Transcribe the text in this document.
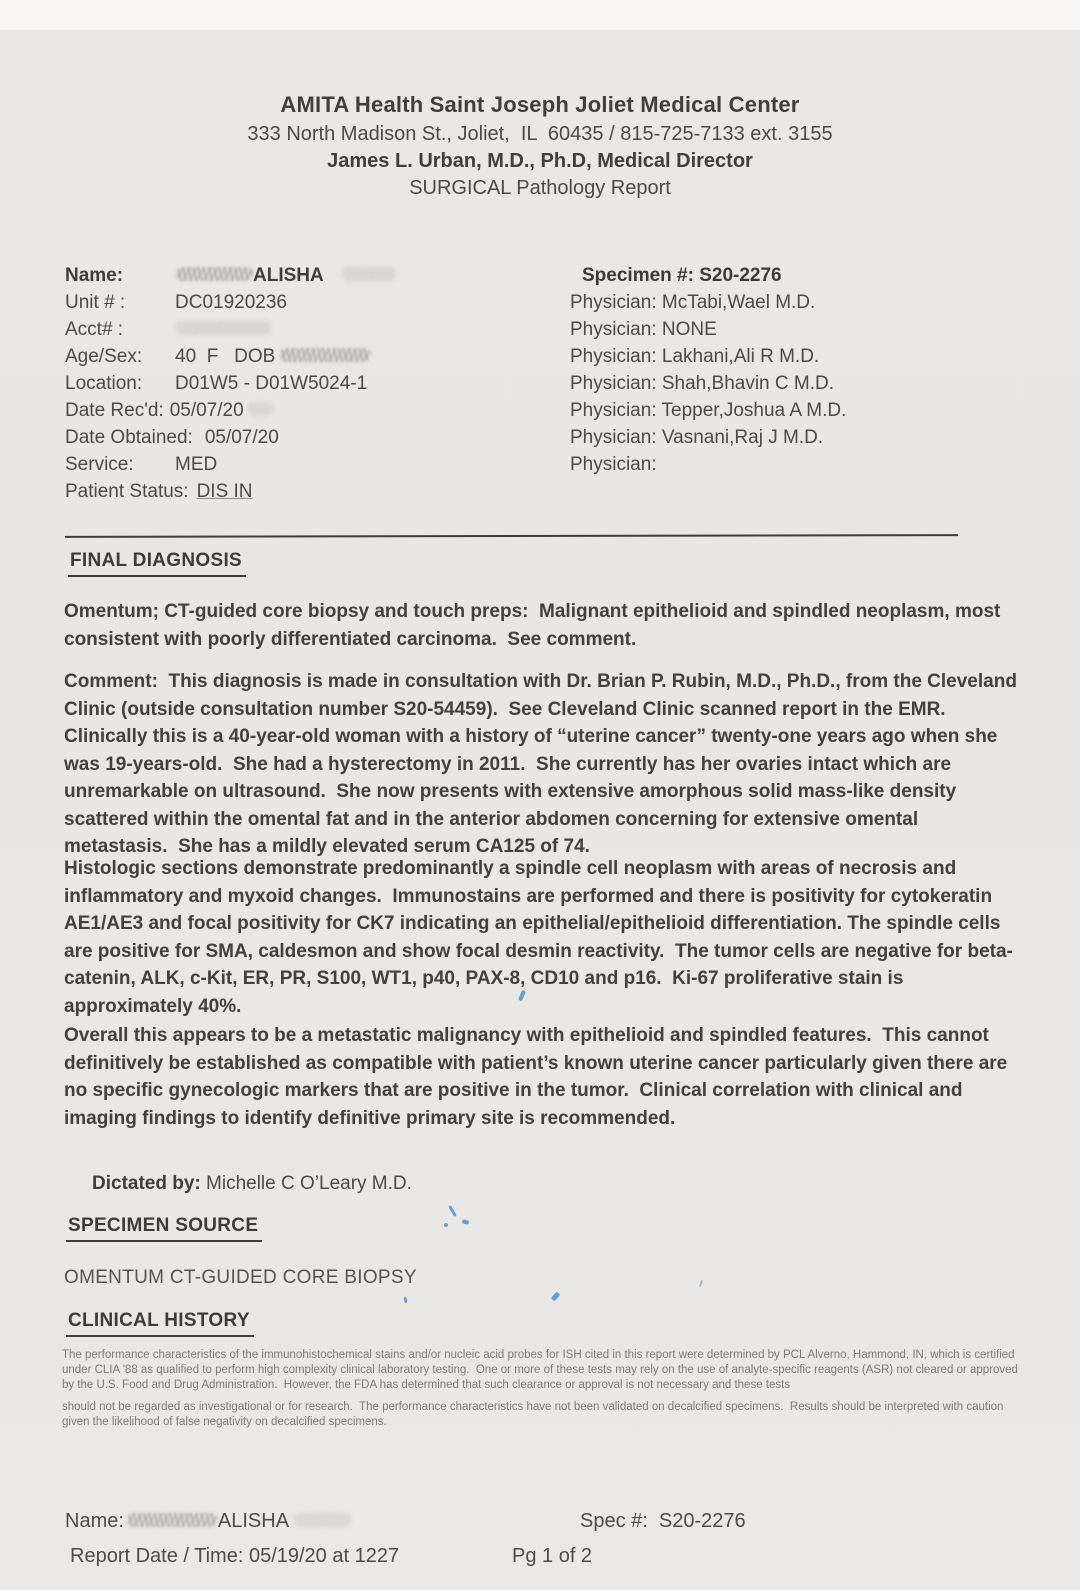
AMITA Health Saint Joseph Joliet Medical Center
333 North Madison St., Joliet,  IL  60435 / 815-725-7133 ext. 3155
James L. Urban, M.D., Ph.D, Medical Director
SURGICAL Pathology Report
Name:	ALISHA
Unit # :	DC01920236
Acct# :
Age/Sex:	40  F   DOB
Location:	D01W5 - D01W5024-1
Date Rec'd: 05/07/20
Date Obtained: 05/07/20
Service:	MED
Patient Status: DIS IN
Specimen #: S20-2276
Physician: McTabi,Wael M.D.
Physician: NONE
Physician: Lakhani,Ali R M.D.
Physician: Shah,Bhavin C M.D.
Physician: Tepper,Joshua A M.D.
Physician: Vasnani,Raj J M.D.
Physician:
FINAL DIAGNOSIS
Omentum; CT-guided core biopsy and touch preps:  Malignant epithelioid and spindled neoplasm, most consistent with poorly differentiated carcinoma.  See comment.
Comment:  This diagnosis is made in consultation with Dr. Brian P. Rubin, M.D., Ph.D., from the Cleveland Clinic (outside consultation number S20-54459).  See Cleveland Clinic scanned report in the EMR.  Clinically this is a 40-year-old woman with a history of “uterine cancer” twenty-one years ago when she was 19-years-old.  She had a hysterectomy in 2011.  She currently has her ovaries intact which are unremarkable on ultrasound.  She now presents with extensive amorphous solid mass-like density scattered within the omental fat and in the anterior abdomen concerning for extensive omental metastasis.  She has a mildly elevated serum CA125 of 74.
Histologic sections demonstrate predominantly a spindle cell neoplasm with areas of necrosis and inflammatory and myxoid changes.  Immunostains are performed and there is positivity for cytokeratin AE1/AE3 and focal positivity for CK7 indicating an epithelial/epithelioid differentiation. The spindle cells are positive for SMA, caldesmon and show focal desmin reactivity.  The tumor cells are negative for beta-catenin, ALK, c-Kit, ER, PR, S100, WT1, p40, PAX-8, CD10 and p16.  Ki-67 proliferative stain is approximately 40%.
Overall this appears to be a metastatic malignancy with epithelioid and spindled features.  This cannot definitively be established as compatible with patient’s known uterine cancer particularly given there are no specific gynecologic markers that are positive in the tumor.  Clinical correlation with clinical and imaging findings to identify definitive primary site is recommended.
Dictated by: Michelle C O’Leary M.D.
SPECIMEN SOURCE
OMENTUM CT-GUIDED CORE BIOPSY
CLINICAL HISTORY
The performance characteristics of the immunohistochemical stains and/or nucleic acid probes for ISH cited in this report were determined by PCL Alverno, Hammond, IN, which is certified under CLIA '88 as qualified to perform high complexity clinical laboratory testing.  One or more of these tests may rely on the use of analyte-specific reagents (ASR) not cleared or approved by the U.S. Food and Drug Administration.  However, the FDA has determined that such clearance or approval is not necessary and these tests
should not be regarded as investigational or for research.  The performance characteristics have not been validated on decalcified specimens.  Results should be interpreted with caution given the likelihood of false negativity on decalcified specimens.
Name:	ALISHA	Spec #:  S20-2276
Report Date / Time: 05/19/20 at 1227	Pg 1 of 2
